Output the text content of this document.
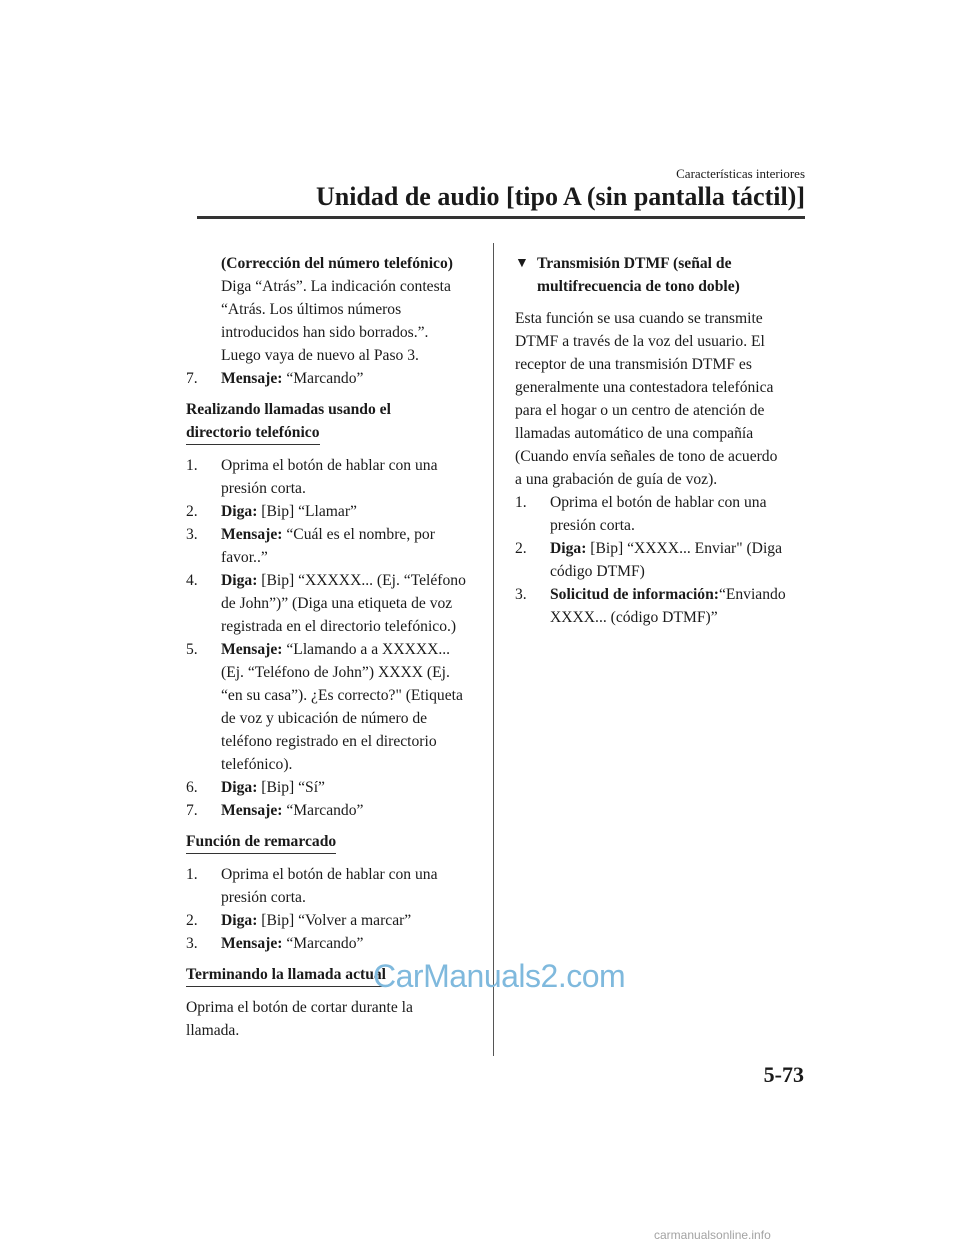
Características interiores
Unidad de audio [tipo A (sin pantalla táctil)]
(Corrección del número telefónico)
Diga “Atrás”. La indicación contesta
“Atrás. Los últimos números
introducidos han sido borrados.”.
Luego vaya de nuevo al Paso 3.
7. Mensaje: “Marcando”
Realizando llamadas usando el
directorio telefónico
1. Oprima el botón de hablar con una
presión corta.
2. Diga: [Bip] “Llamar”
3. Mensaje: “Cuál es el nombre, por
favor..”
4. Diga: [Bip] “XXXXX... (Ej. “Teléfono
de John”)” (Diga una etiqueta de voz
registrada en el directorio telefónico.)
5. Mensaje: “Llamando a a XXXXX...
(Ej. “Teléfono de John”) XXXX (Ej.
“en su casa”). ¿Es correcto?" (Etiqueta
de voz y ubicación de número de
teléfono registrado en el directorio
telefónico).
6. Diga: [Bip] “Sí”
7. Mensaje: “Marcando”
Función de remarcado
1. Oprima el botón de hablar con una
presión corta.
2. Diga: [Bip] “Volver a marcar”
3. Mensaje: “Marcando”
Terminando la llamada actual
Oprima el botón de cortar durante la
llamada.
▼ Transmisión DTMF (señal de
multifrecuencia de tono doble)
Esta función se usa cuando se transmite
DTMF a través de la voz del usuario. El
receptor de una transmisión DTMF es
generalmente una contestadora telefónica
para el hogar o un centro de atención de
llamadas automático de una compañía
(Cuando envía señales de tono de acuerdo
a una grabación de guía de voz).
1. Oprima el botón de hablar con una
presión corta.
2. Diga: [Bip] “XXXX... Enviar" (Diga
código DTMF)
3. Solicitud de información:“Enviando
XXXX... (código DTMF)”
CarManuals2.com
5-73
carmanualsonline.info
